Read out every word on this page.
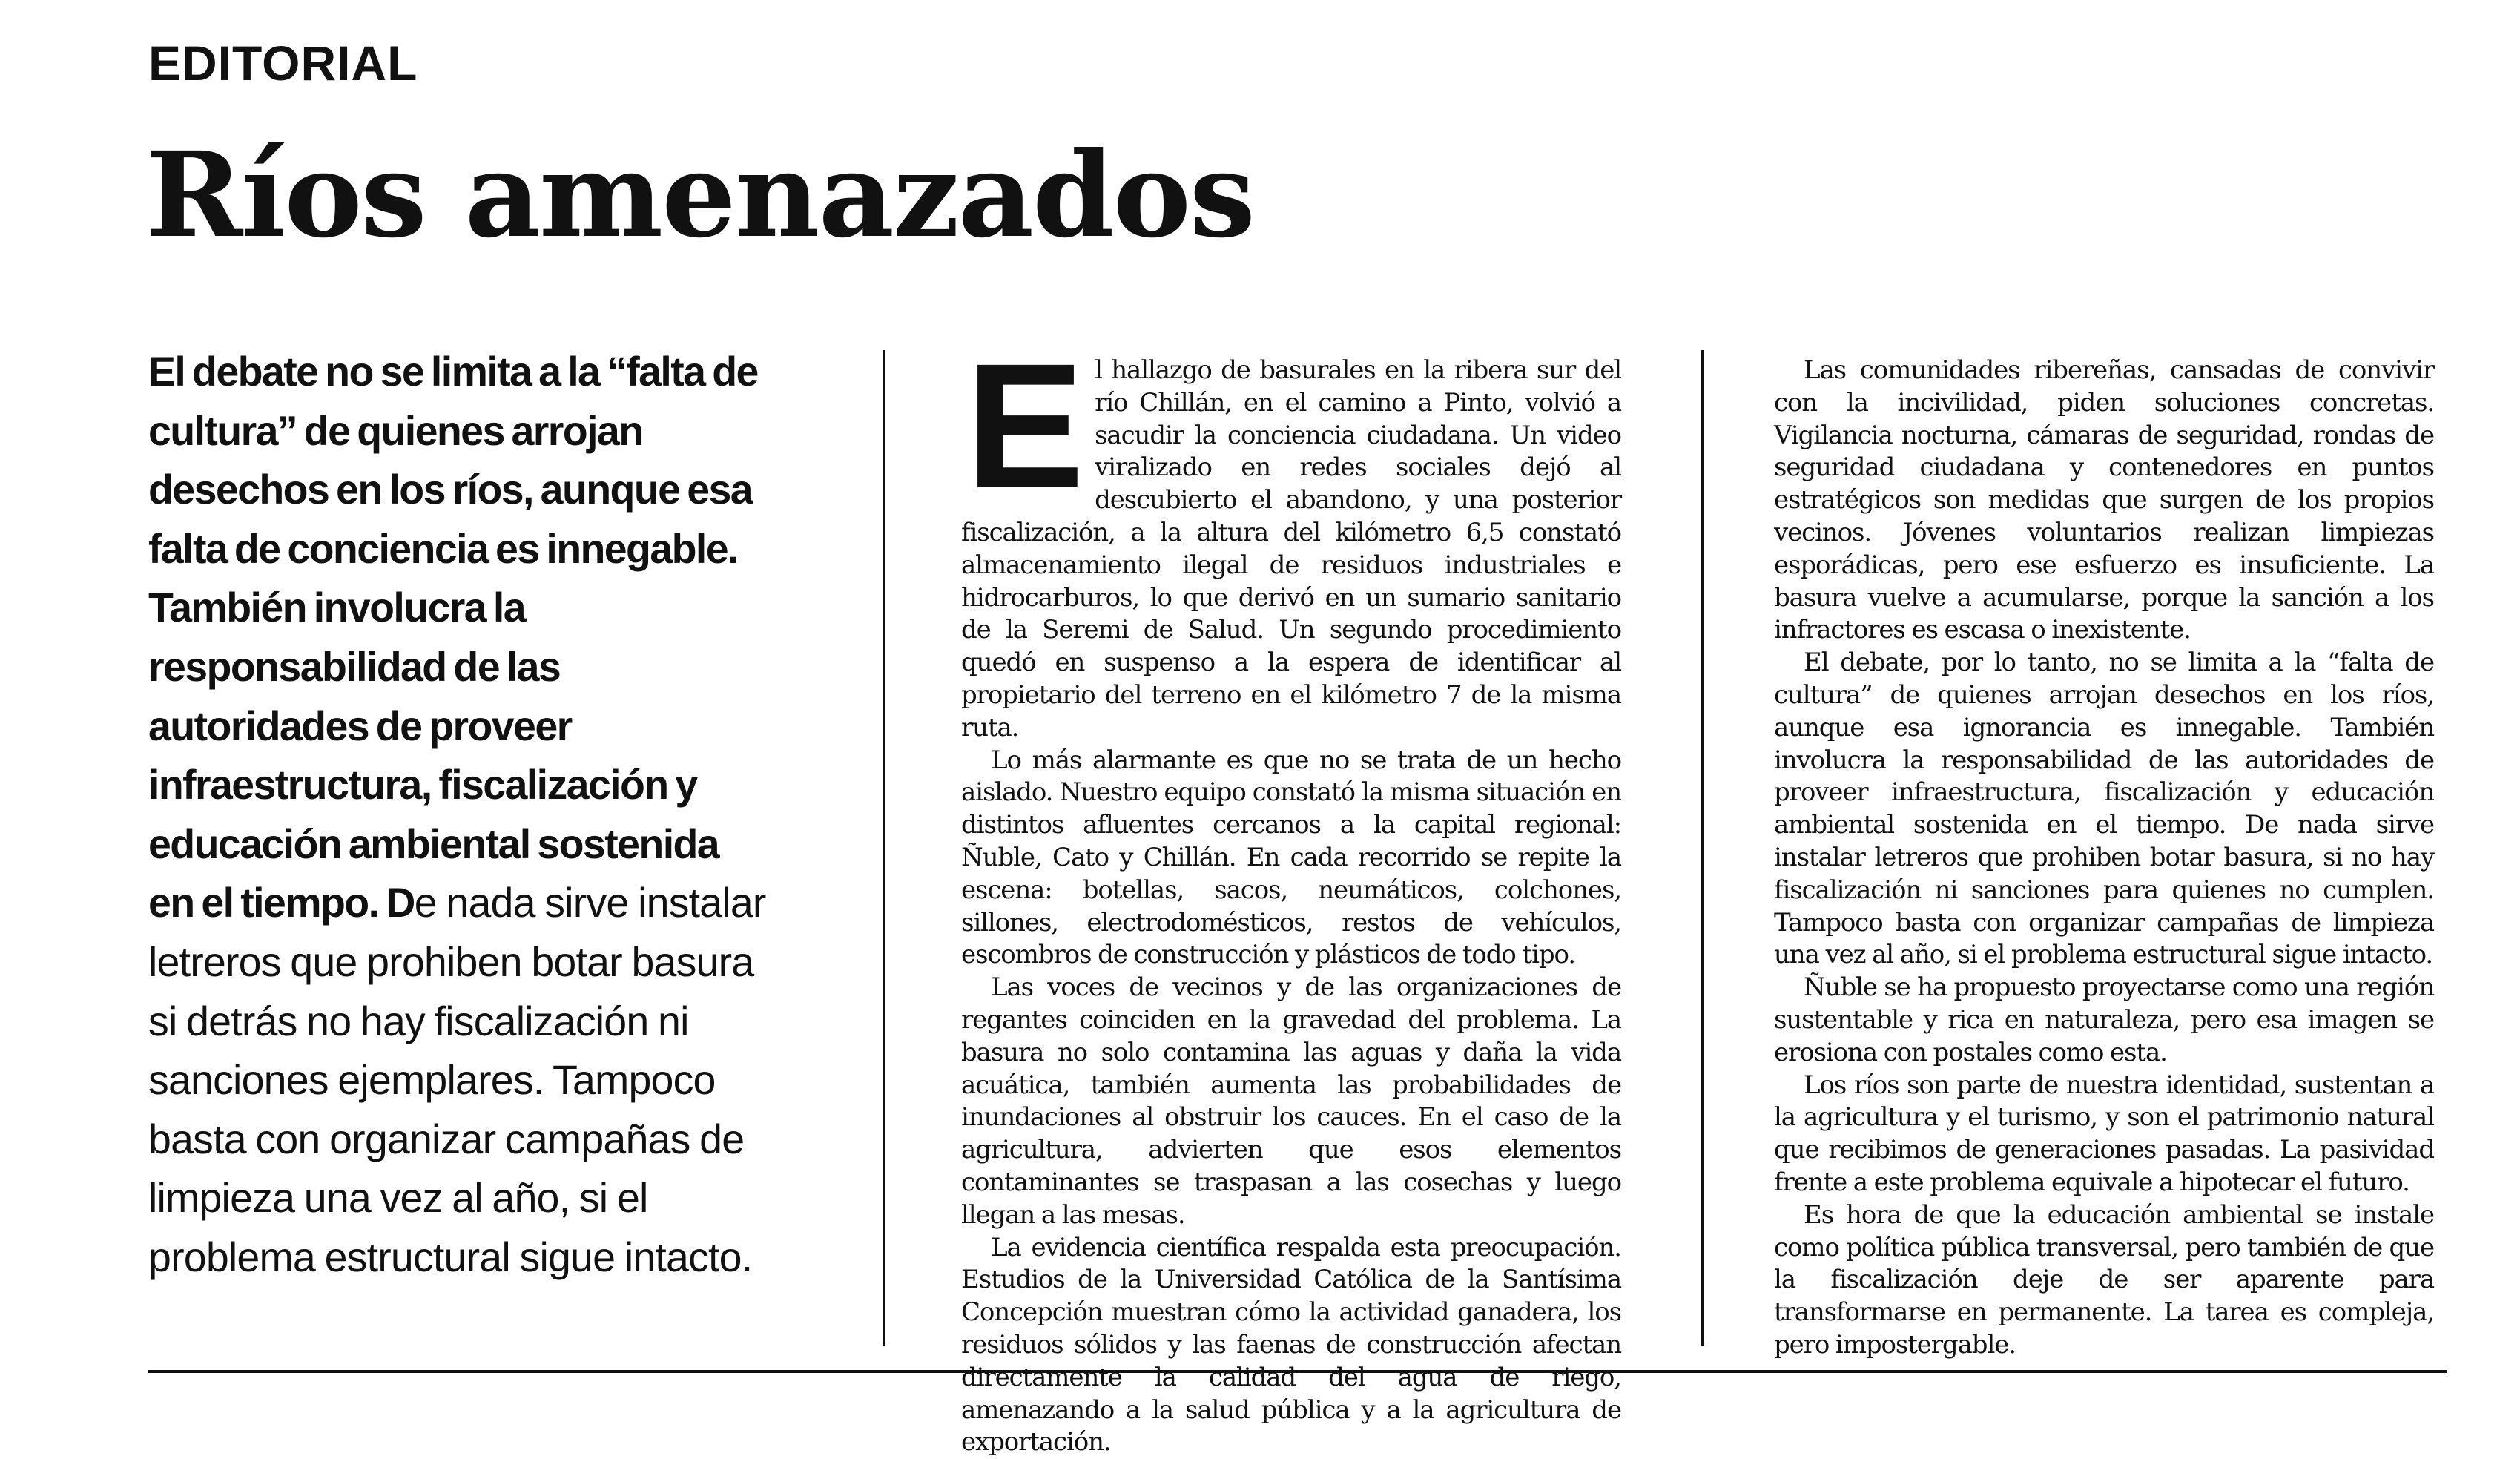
EDITORIAL
Ríos amenazados

El debate no se limita a la “falta de cultura” de quienes arrojan desechos en los ríos, aunque esa falta de conciencia es innegable. También involucra la responsabilidad de las autoridades de proveer infraestructura, fiscalización y educación ambiental sostenida en el tiempo. De nada sirve instalar letreros que prohiben botar basura si detrás no hay fiscalización ni sanciones ejemplares. Tampoco basta con organizar campañas de limpieza una vez al año, si el problema estructural sigue intacto.

E l hallazgo de basurales en la ribera sur del río Chillán, en el camino a Pinto, volvió a sacudir la conciencia ciudadana. Un video viralizado en redes sociales dejó al descubierto el abandono, y una posterior fiscalización, a la altura del kilómetro 6,5 constató almacenamiento ilegal de residuos industriales e hidrocarburos, lo que derivó en un sumario sanitario de la Seremi de Salud. Un segundo procedimiento quedó en suspenso a la espera de identificar al propietario del terreno en el kilómetro 7 de la misma ruta.

Lo más alarmante es que no se trata de un hecho aislado. Nuestro equipo constató la misma situación en distintos afluentes cercanos a la capital regional: Ñuble, Cato y Chillán. En cada recorrido se repite la escena: botellas, sacos, neumáticos, colchones, sillones, electrodomésticos, restos de vehículos, escombros de construcción y plásticos de todo tipo.

Las voces de vecinos y de las organizaciones de regantes coinciden en la gravedad del problema. La basura no solo contamina las aguas y daña la vida acuática, también aumenta las probabilidades de inundaciones al obstruir los cauces. En el caso de la agricultura, advierten que esos elementos contaminantes se traspasan a las cosechas y luego llegan a las mesas.

La evidencia científica respalda esta preocupación. Estudios de la Universidad Católica de la Santísima Concepción muestran cómo la actividad ganadera, los residuos sólidos y las faenas de construcción afectan directamente la calidad del agua de riego, amenazando a la salud pública y a la agricultura de exportación.

Las comunidades ribereñas, cansadas de convivir con la incivilidad, piden soluciones concretas. Vigilancia nocturna, cámaras de seguridad, rondas de seguridad ciudadana y contenedores en puntos estratégicos son medidas que surgen de los propios vecinos. Jóvenes voluntarios realizan limpiezas esporádicas, pero ese esfuerzo es insuficiente. La basura vuelve a acumularse, porque la sanción a los infractores es escasa o inexistente.

El debate, por lo tanto, no se limita a la “falta de cultura” de quienes arrojan desechos en los ríos, aunque esa ignorancia es innegable. También involucra la responsabilidad de las autoridades de proveer infraestructura, fiscalización y educación ambiental sostenida en el tiempo. De nada sirve instalar letreros que prohiben botar basura, si no hay fiscalización ni sanciones para quienes no cumplen. Tampoco basta con organizar campañas de limpieza una vez al año, si el problema estructural sigue intacto.

Ñuble se ha propuesto proyectarse como una región sustentable y rica en naturaleza, pero esa imagen se erosiona con postales como esta.

Los ríos son parte de nuestra identidad, sustentan a la agricultura y el turismo, y son el patrimonio natural que recibimos de generaciones pasadas. La pasividad frente a este problema equivale a hipotecar el futuro.

Es hora de que la educación ambiental se instale como política pública transversal, pero también de que la fiscalización deje de ser aparente para transformarse en permanente. La tarea es compleja, pero impostergable.
